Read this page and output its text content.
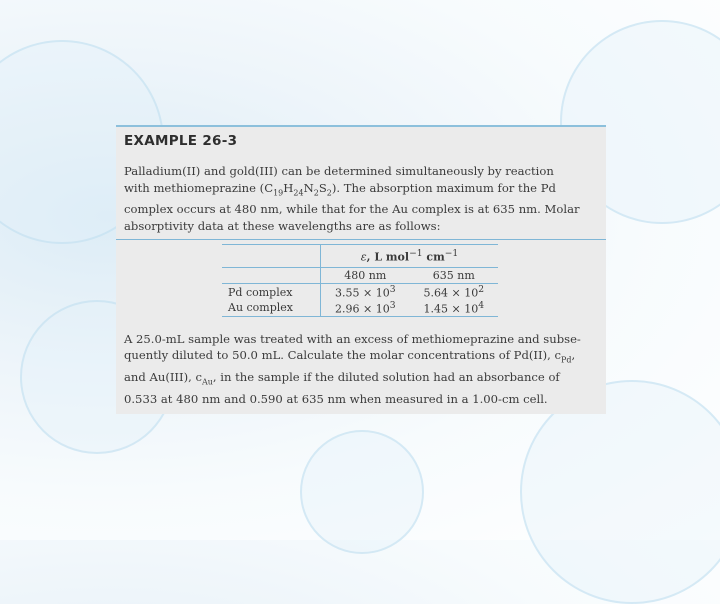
EXAMPLE 26-3

Palladium(II) and gold(III) can be determined simultaneously by reaction
with methiomeprazine $(C_{19}H_{24}N_2S_2)$. The absorption maximum for the Pd
complex occurs at 480 nm, while that for the Au complex is at 635 nm. Molar
absorptivity data at these wavelengths are as follows:

	ε, L mol$^{-1}$ $cm^{-1}$
	480 nm	635 nm
Pd complex	$3.55 \times 10^3$	$5.64 \times 10^2$
Au complex	$2.96 \times 10^3$	$1.45 \times 10^4$

A 25.0-mL sample was treated with an excess of methiomeprazine and subse-
quently diluted to 50.0 mL. Calculate the molar concentrations of Pd(II), $c_{Pd}$,
and Au(III), $c_{Au}$, in the sample if the diluted solution had an absorbance of
0.533 at 480 nm and 0.590 at 635 nm when measured in a 1.00-cm cell.
